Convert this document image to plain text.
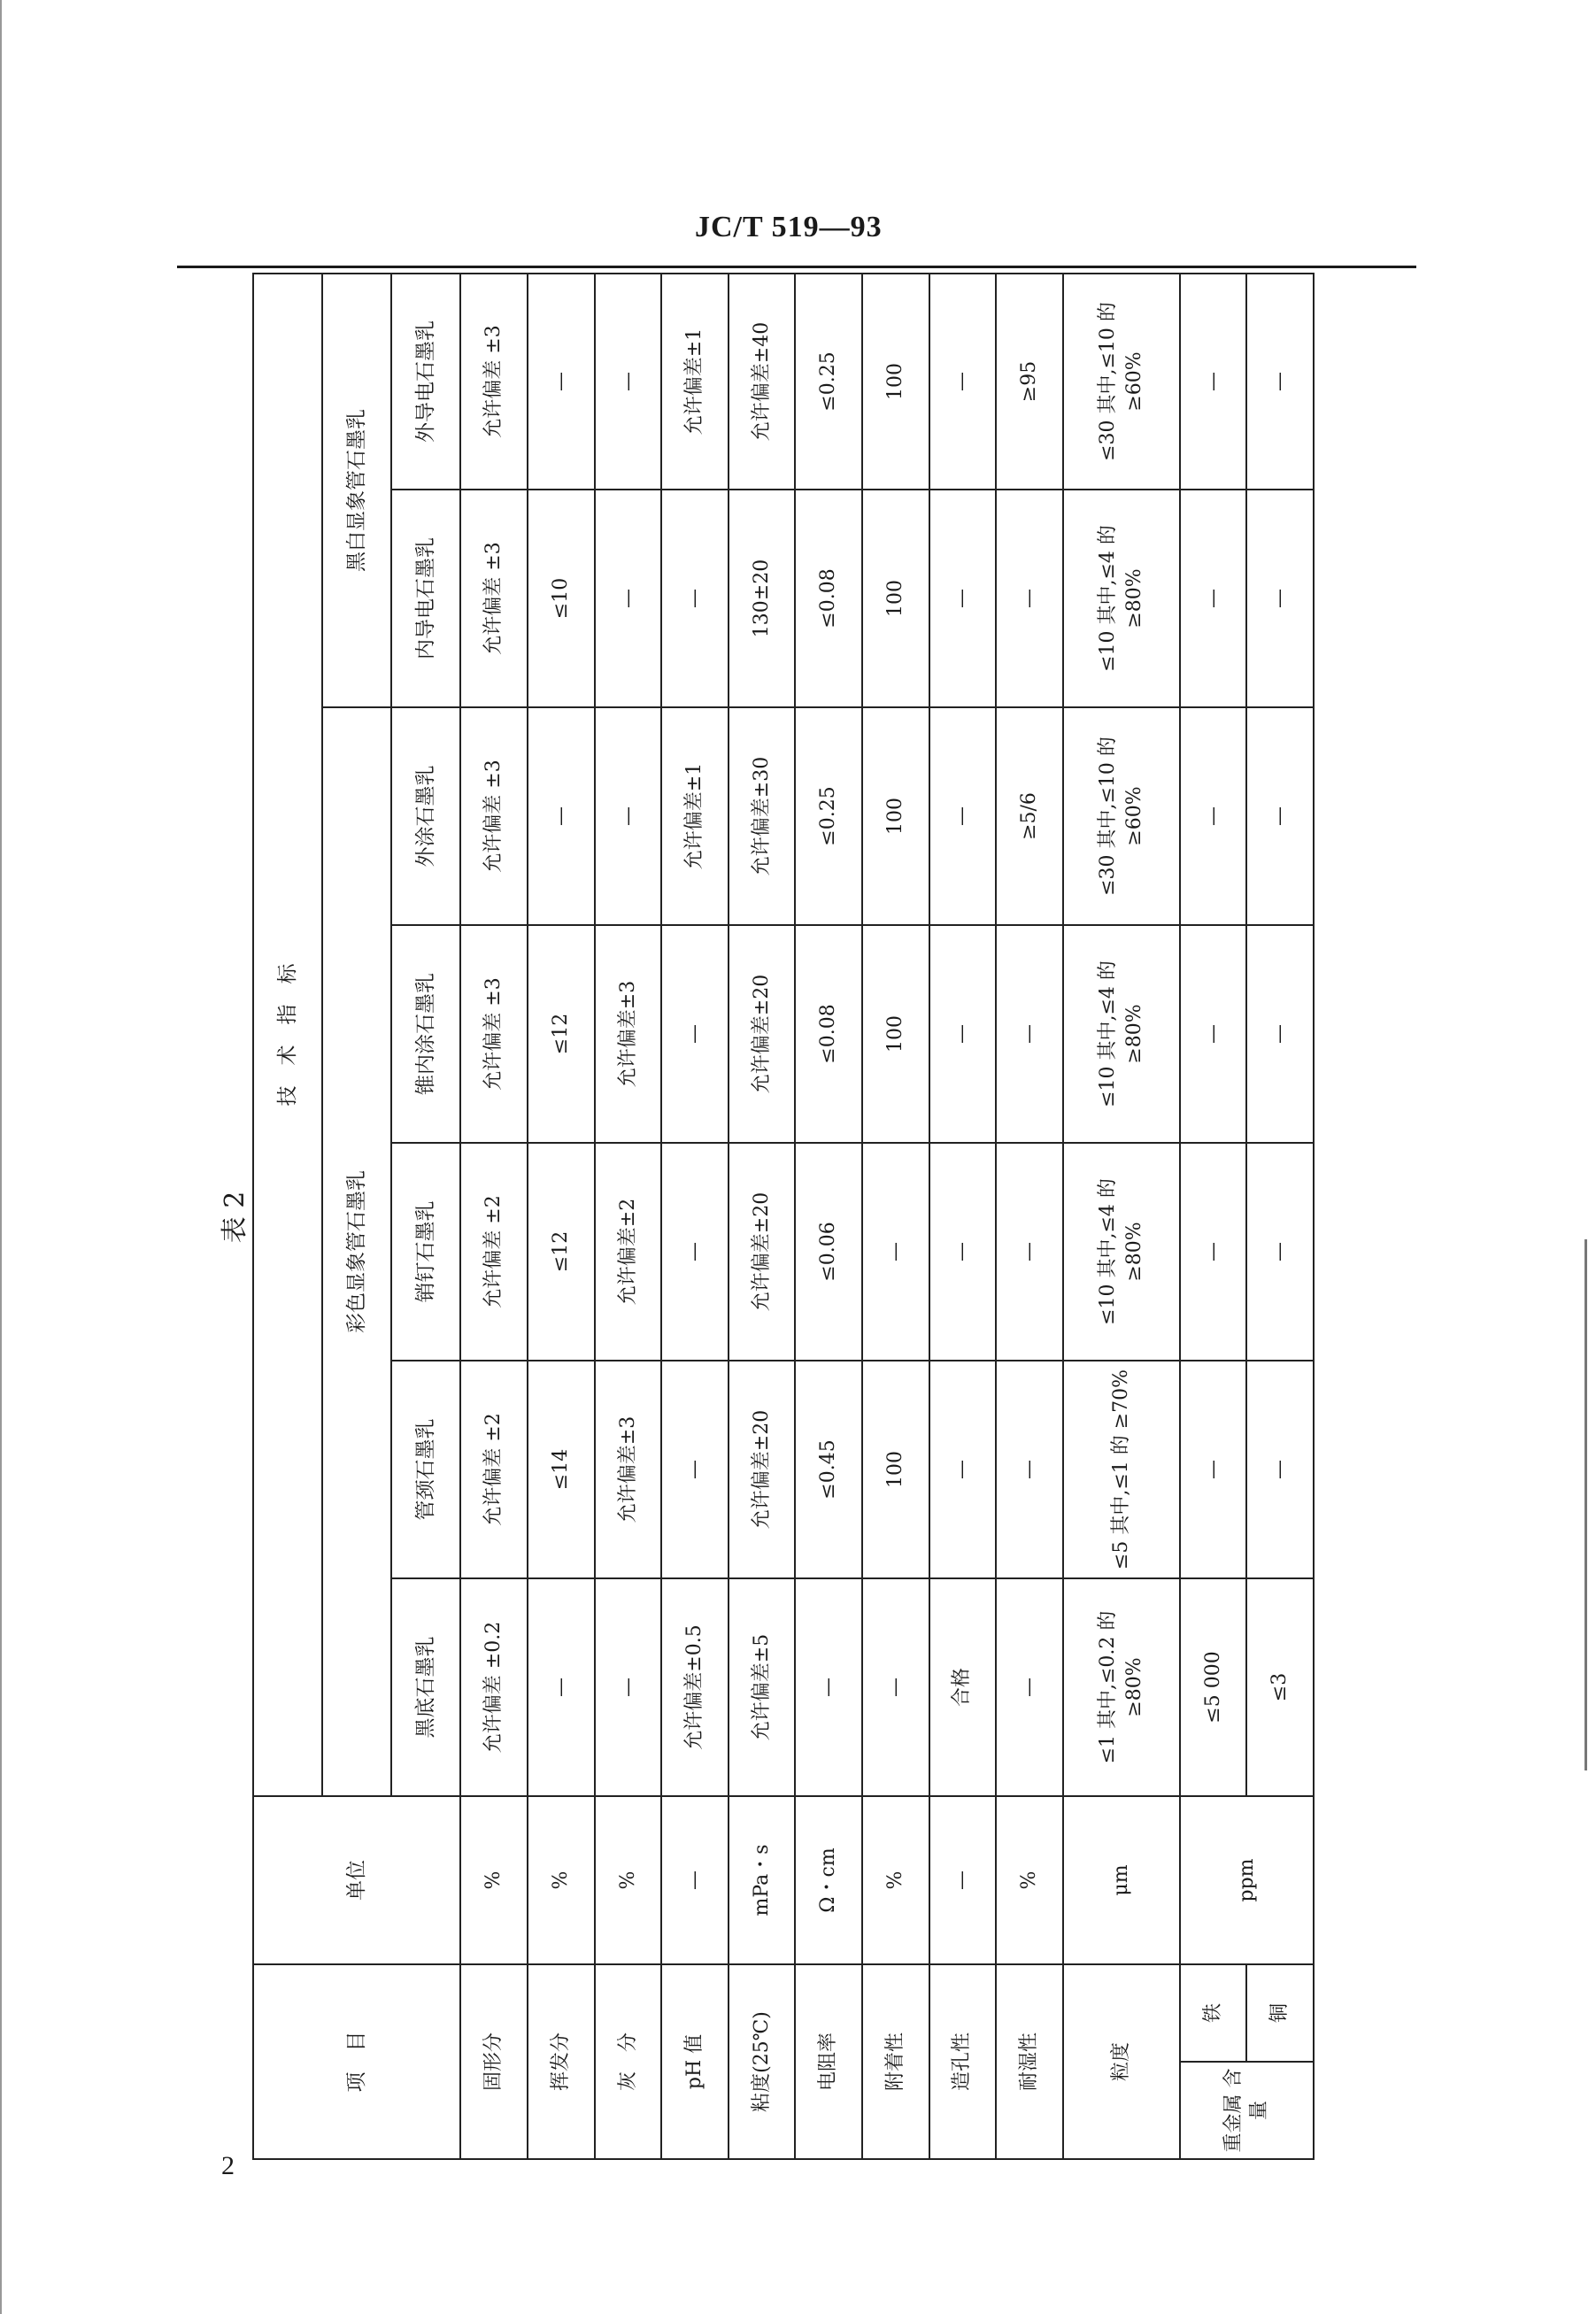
JC/T 519—93
表 2
项　目		单位	技　术　指　标						
			彩色显象管石墨乳					黑白显象管石墨乳	
			黑底石墨乳	管颈石墨乳	销钉石墨乳	锥内涂石墨乳	外涂石墨乳	内导电石墨乳	外导电石墨乳
固形分		%	允许偏差 ±0.2	允许偏差 ±2	允许偏差 ±2	允许偏差 ±3	允许偏差 ±3	允许偏差 ±3	允许偏差 ±3
挥发分		%	—	≤14	≤12	≤12	—	≤10	—
灰　分		%	—	允许偏差±3	允许偏差±2	允许偏差±3	—	—	—
pH 值		—	允许偏差±0.5	—	—	—	允许偏差±1	—	允许偏差±1
粘度(25℃)		mPa・s	允许偏差±5	允许偏差±20	允许偏差±20	允许偏差±20	允许偏差±30	130±20	允许偏差±40
电阻率		Ω・cm	—	≤0.45	≤0.06	≤0.08	≤0.25	≤0.08	≤0.25
附着性		%	—	100	—	100	100	100	100
造孔性		—	合格	—	—	—	—	—	—
耐湿性		%	—	—	—	—	≥5/6	—	≥95
粒度		μm	≤1 其中,≤0.2 的 ≥80%	≤5 其中,≤1 的 ≥70%	≤10 其中,≤4 的 ≥80%	≤10 其中,≤4 的 ≥80%	≤30 其中,≤10 的 ≥60%	≤10 其中,≤4 的 ≥80%	≤30 其中,≤10 的 ≥60%
重金属 含 量	铁	ppm	≤5 000	—	—	—	—	—	—
	铜		≤3	—	—	—	—	—	—
2
